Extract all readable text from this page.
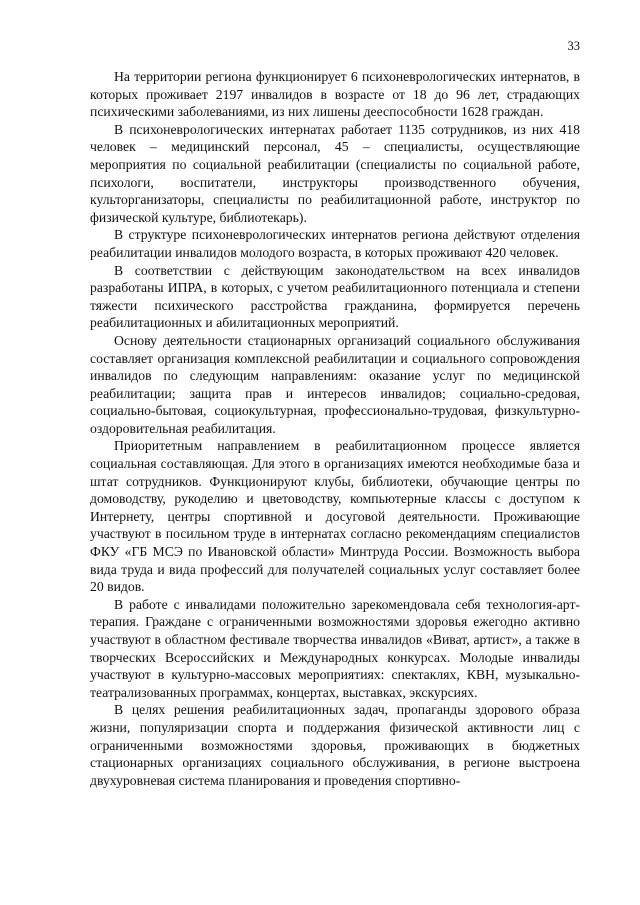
33

На территории региона функционирует 6 психоневрологических интернатов, в которых проживает 2197 инвалидов в возрасте от 18 до 96 лет, страдающих психическими заболеваниями, из них лишены дееспособности 1628 граждан.

В психоневрологических интернатах работает 1135 сотрудников, из них 418 человек – медицинский персонал, 45 – специалисты, осуществляющие мероприятия по социальной реабилитации (специалисты по социальной работе, психологи, воспитатели, инструкторы производственного обучения, культорганизаторы, специалисты по реабилитационной работе, инструктор по физической культуре, библиотекарь).

В структуре психоневрологических интернатов региона действуют отделения реабилитации инвалидов молодого возраста, в которых проживают 420 человек.

В соответствии с действующим законодательством на всех инвалидов разработаны ИПРА, в которых, с учетом реабилитационного потенциала и степени тяжести психического расстройства гражданина, формируется перечень реабилитационных и абилитационных мероприятий.

Основу деятельности стационарных организаций социального обслуживания составляет организация комплексной реабилитации и социального сопровождения инвалидов по следующим направлениям: оказание услуг по медицинской реабилитации; защита прав и интересов инвалидов; социально-средовая, социально-бытовая, социокультурная, профессионально-трудовая, физкультурно-оздоровительная реабилитация.

Приоритетным направлением в реабилитационном процессе является социальная составляющая. Для этого в организациях имеются необходимые база и штат сотрудников. Функционируют клубы, библиотеки, обучающие центры по домоводству, рукоделию и цветоводству, компьютерные классы с доступом к Интернету, центры спортивной и досуговой деятельности. Проживающие участвуют в посильном труде в интернатах согласно рекомендациям специалистов ФКУ «ГБ МСЭ по Ивановской области» Минтруда России. Возможность выбора вида труда и вида профессий для получателей социальных услуг составляет более 20 видов.

В работе с инвалидами положительно зарекомендовала себя технология-арт-терапия. Граждане с ограниченными возможностями здоровья ежегодно активно участвуют в областном фестивале творчества инвалидов «Виват, артист», а также в творческих Всероссийских и Международных конкурсах. Молодые инвалиды участвуют в культурно-массовых мероприятиях: спектаклях, КВН, музыкально-театрализованных программах, концертах, выставках, экскурсиях.

В целях решения реабилитационных задач, пропаганды здорового образа жизни, популяризации спорта и поддержания физической активности лиц с ограниченными возможностями здоровья, проживающих в бюджетных стационарных организациях социального обслуживания, в регионе выстроена двухуровневая система планирования и проведения спортивно-
